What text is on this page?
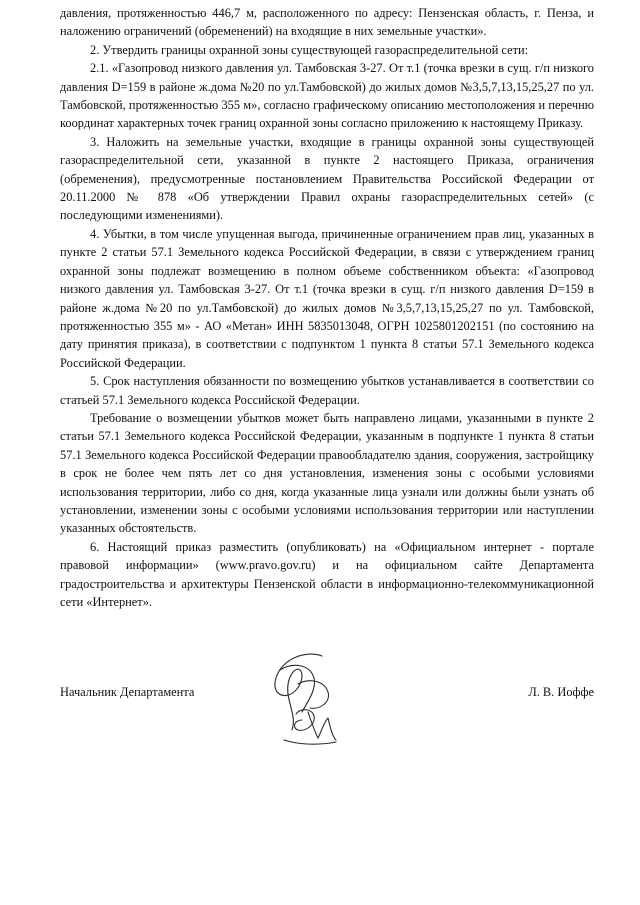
давления, протяженностью 446,7 м, расположенного по адресу: Пензенская область, г. Пенза, и наложению ограничений (обременений) на входящие в них земельные участки».

2. Утвердить границы охранной зоны существующей газораспределительной сети:

2.1. «Газопровод низкого давления ул. Тамбовская 3-27. От т.1 (точка врезки в сущ. г/п низкого давления D=159 в районе ж.дома №20 по ул.Тамбовской) до жилых домов №3,5,7,13,15,25,27 по ул. Тамбовской, протяженностью 355 м», согласно графическому описанию местоположения и перечню координат характерных точек границ охранной зоны согласно приложению к настоящему Приказу.

3. Наложить на земельные участки, входящие в границы охранной зоны существующей газораспределительной сети, указанной в пункте 2 настоящего Приказа, ограничения (обременения), предусмотренные постановлением Правительства Российской Федерации от 20.11.2000 № 878 «Об утверждении Правил охраны газораспределительных сетей» (с последующими изменениями).

4. Убытки, в том числе упущенная выгода, причиненные ограничением прав лиц, указанных в пункте 2 статьи 57.1 Земельного кодекса Российской Федерации, в связи с утверждением границ охранной зоны подлежат возмещению в полном объеме собственником объекта: «Газопровод низкого давления ул. Тамбовская 3-27. От т.1 (точка врезки в сущ. г/п низкого давления D=159 в районе ж.дома №20 по ул.Тамбовской) до жилых домов №3,5,7,13,15,25,27 по ул. Тамбовской, протяженностью 355 м» - АО «Метан» ИНН 5835013048, ОГРН 1025801202151 (по состоянию на дату принятия приказа), в соответствии с подпунктом 1 пункта 8 статьи 57.1 Земельного кодекса Российской Федерации.

5. Срок наступления обязанности по возмещению убытков устанавливается в соответствии со статьей 57.1 Земельного кодекса Российской Федерации.

Требование о возмещении убытков может быть направлено лицами, указанными в пункте 2 статьи 57.1 Земельного кодекса Российской Федерации, указанным в подпункте 1 пункта 8 статьи 57.1 Земельного кодекса Российской Федерации правообладателю здания, сооружения, застройщику в срок не более чем пять лет со дня установления, изменения зоны с особыми условиями использования территории, либо со дня, когда указанные лица узнали или должны были узнать об установлении, изменении зоны с особыми условиями использования территории или наступлении указанных обстоятельств.

6. Настоящий приказ разместить (опубликовать) на «Официальном интернет - портале правовой информации» (www.pravo.gov.ru) и на официальном сайте Департамента градостроительства и архитектуры Пензенской области в информационно-телекоммуникационной сети «Интернет».

Начальник Департамента	Л. В. Иоффе
